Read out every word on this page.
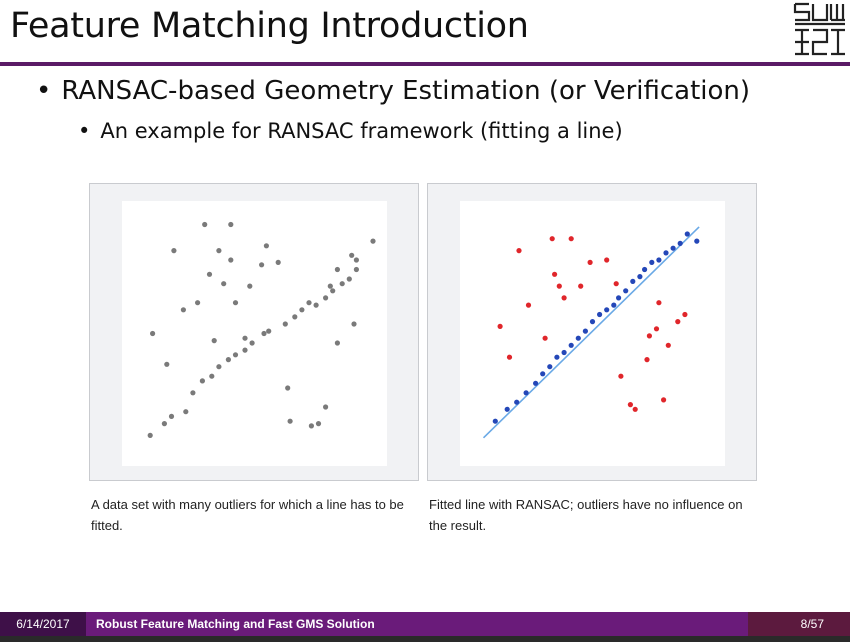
Feature Matching Introduction
• RANSAC-based Geometry Estimation (or Verification)
• An example for RANSAC framework (fitting a line)
A data set with many outliers for which a line has to be fitted.
Fitted line with RANSAC; outliers have no influence on the result.
6/14/2017	Robust Feature Matching and Fast GMS Solution	8/57
